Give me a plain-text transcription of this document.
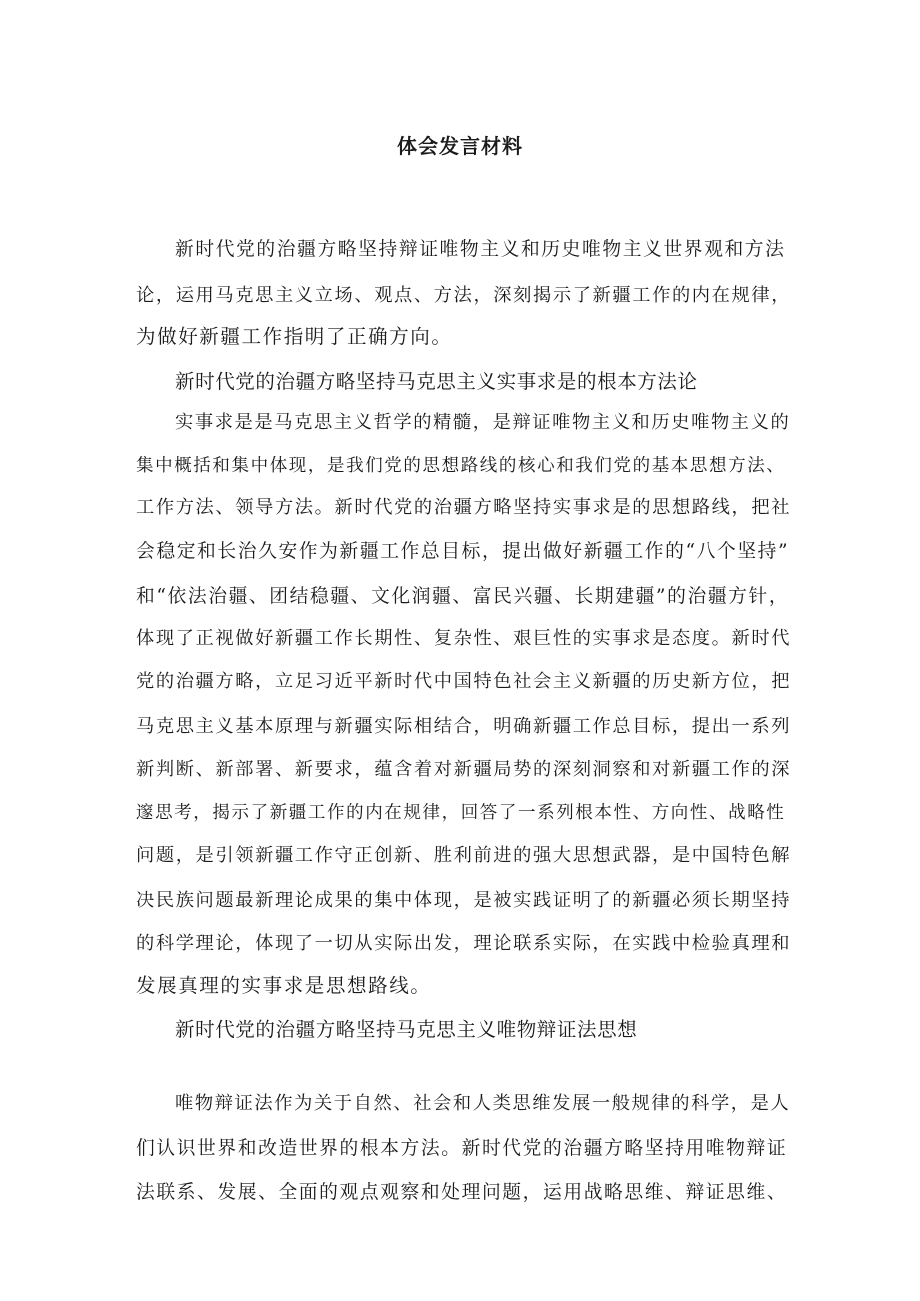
体会发言材料
新时代党的治疆方略坚持辩证唯物主义和历史唯物主义世界观和方法
论，运用马克思主义立场、观点、方法，深刻揭示了新疆工作的内在规律，
为做好新疆工作指明了正确方向。
新时代党的治疆方略坚持马克思主义实事求是的根本方法论
实事求是是马克思主义哲学的精髓，是辩证唯物主义和历史唯物主义的
集中概括和集中体现，是我们党的思想路线的核心和我们党的基本思想方法、
工作方法、领导方法。新时代党的治疆方略坚持实事求是的思想路线，把社
会稳定和长治久安作为新疆工作总目标，提出做好新疆工作的“八个坚持”
和“依法治疆、团结稳疆、文化润疆、富民兴疆、长期建疆”的治疆方针，
体现了正视做好新疆工作长期性、复杂性、艰巨性的实事求是态度。新时代
党的治疆方略，立足习近平新时代中国特色社会主义新疆的历史新方位，把
马克思主义基本原理与新疆实际相结合，明确新疆工作总目标，提出一系列
新判断、新部署、新要求，蕴含着对新疆局势的深刻洞察和对新疆工作的深
邃思考，揭示了新疆工作的内在规律，回答了一系列根本性、方向性、战略性
问题，是引领新疆工作守正创新、胜利前进的强大思想武器，是中国特色解
决民族问题最新理论成果的集中体现，是被实践证明了的新疆必须长期坚持
的科学理论，体现了一切从实际出发，理论联系实际，在实践中检验真理和
发展真理的实事求是思想路线。
新时代党的治疆方略坚持马克思主义唯物辩证法思想
唯物辩证法作为关于自然、社会和人类思维发展一般规律的科学，是人
们认识世界和改造世界的根本方法。新时代党的治疆方略坚持用唯物辩证
法联系、发展、全面的观点观察和处理问题，运用战略思维、辩证思维、
